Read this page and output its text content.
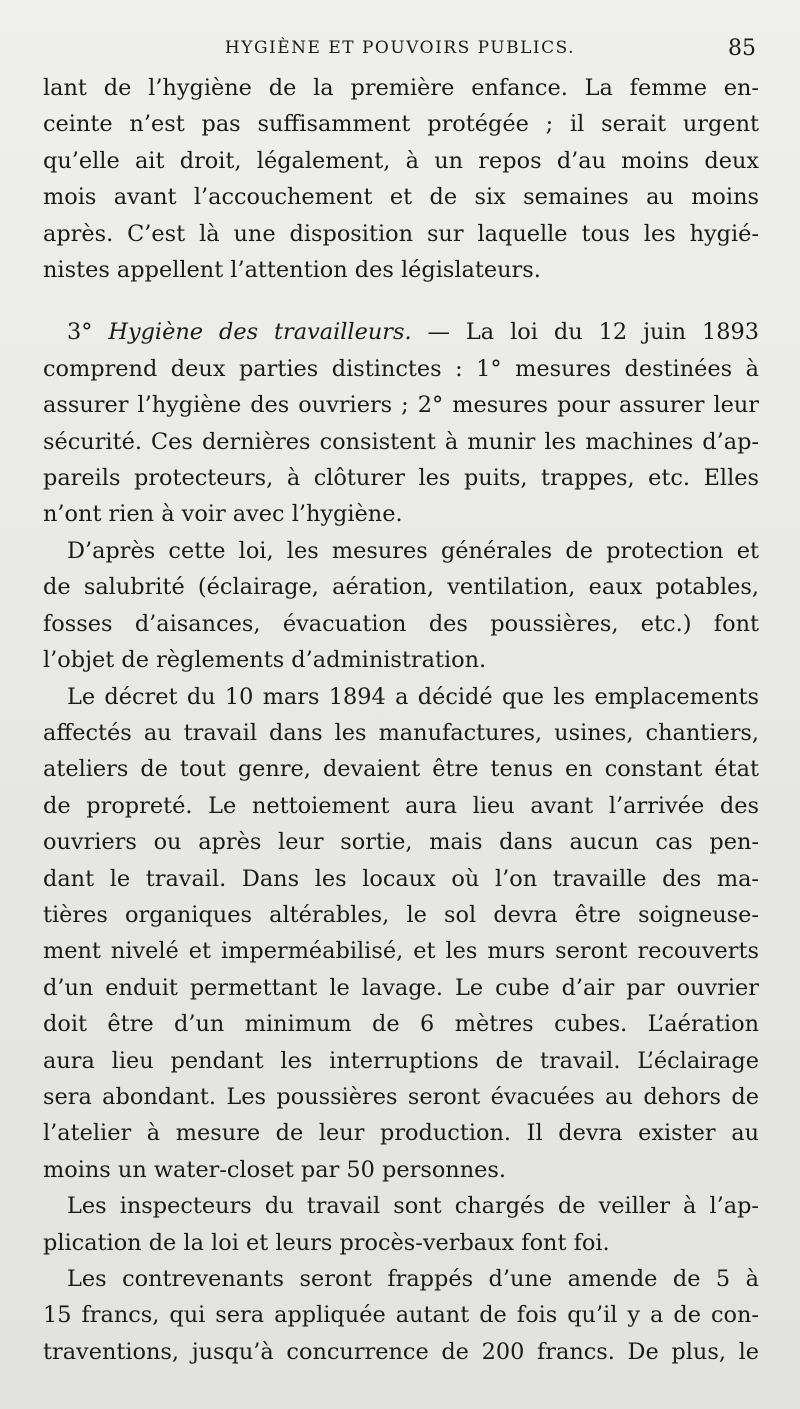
HYGIÈNE ET POUVOIRS PUBLICS.	85

lant de l’hygiène de la première enfance. La femme en-

ceinte n’est pas suffisamment protégée ; il serait urgent

qu’elle ait droit, légalement, à un repos d’au moins deux

mois avant l’accouchement et de six semaines au moins

après. C’est là une disposition sur laquelle tous les hygié-

nistes appellent l’attention des législateurs.

3° Hygiène des travailleurs. — La loi du 12 juin 1893

comprend deux parties distinctes : 1° mesures destinées à

assurer l’hygiène des ouvriers ; 2° mesures pour assurer leur

sécurité. Ces dernières consistent à munir les machines d’ap-

pareils protecteurs, à clôturer les puits, trappes, etc. Elles

n’ont rien à voir avec l’hygiène.

D’après cette loi, les mesures générales de protection et

de salubrité (éclairage, aération, ventilation, eaux potables,

fosses d’aisances, évacuation des poussières, etc.) font

l’objet de règlements d’administration.

Le décret du 10 mars 1894 a décidé que les emplacements

affectés au travail dans les manufactures, usines, chantiers,

ateliers de tout genre, devaient être tenus en constant état

de propreté. Le nettoiement aura lieu avant l’arrivée des

ouvriers ou après leur sortie, mais dans aucun cas pen-

dant le travail. Dans les locaux où l’on travaille des ma-

tières organiques altérables, le sol devra être soigneuse-

ment nivelé et imperméabilisé, et les murs seront recouverts

d’un enduit permettant le lavage. Le cube d’air par ouvrier

doit être d’un minimum de 6 mètres cubes. L’aération

aura lieu pendant les interruptions de travail. L’éclairage

sera abondant. Les poussières seront évacuées au dehors de

l’atelier à mesure de leur production. Il devra exister au

moins un water-closet par 50 personnes.

Les inspecteurs du travail sont chargés de veiller à l’ap-

plication de la loi et leurs procès-verbaux font foi.

Les contrevenants seront frappés d’une amende de 5 à

15 francs, qui sera appliquée autant de fois qu’il y a de con-

traventions, jusqu’à concurrence de 200 francs. De plus, le
